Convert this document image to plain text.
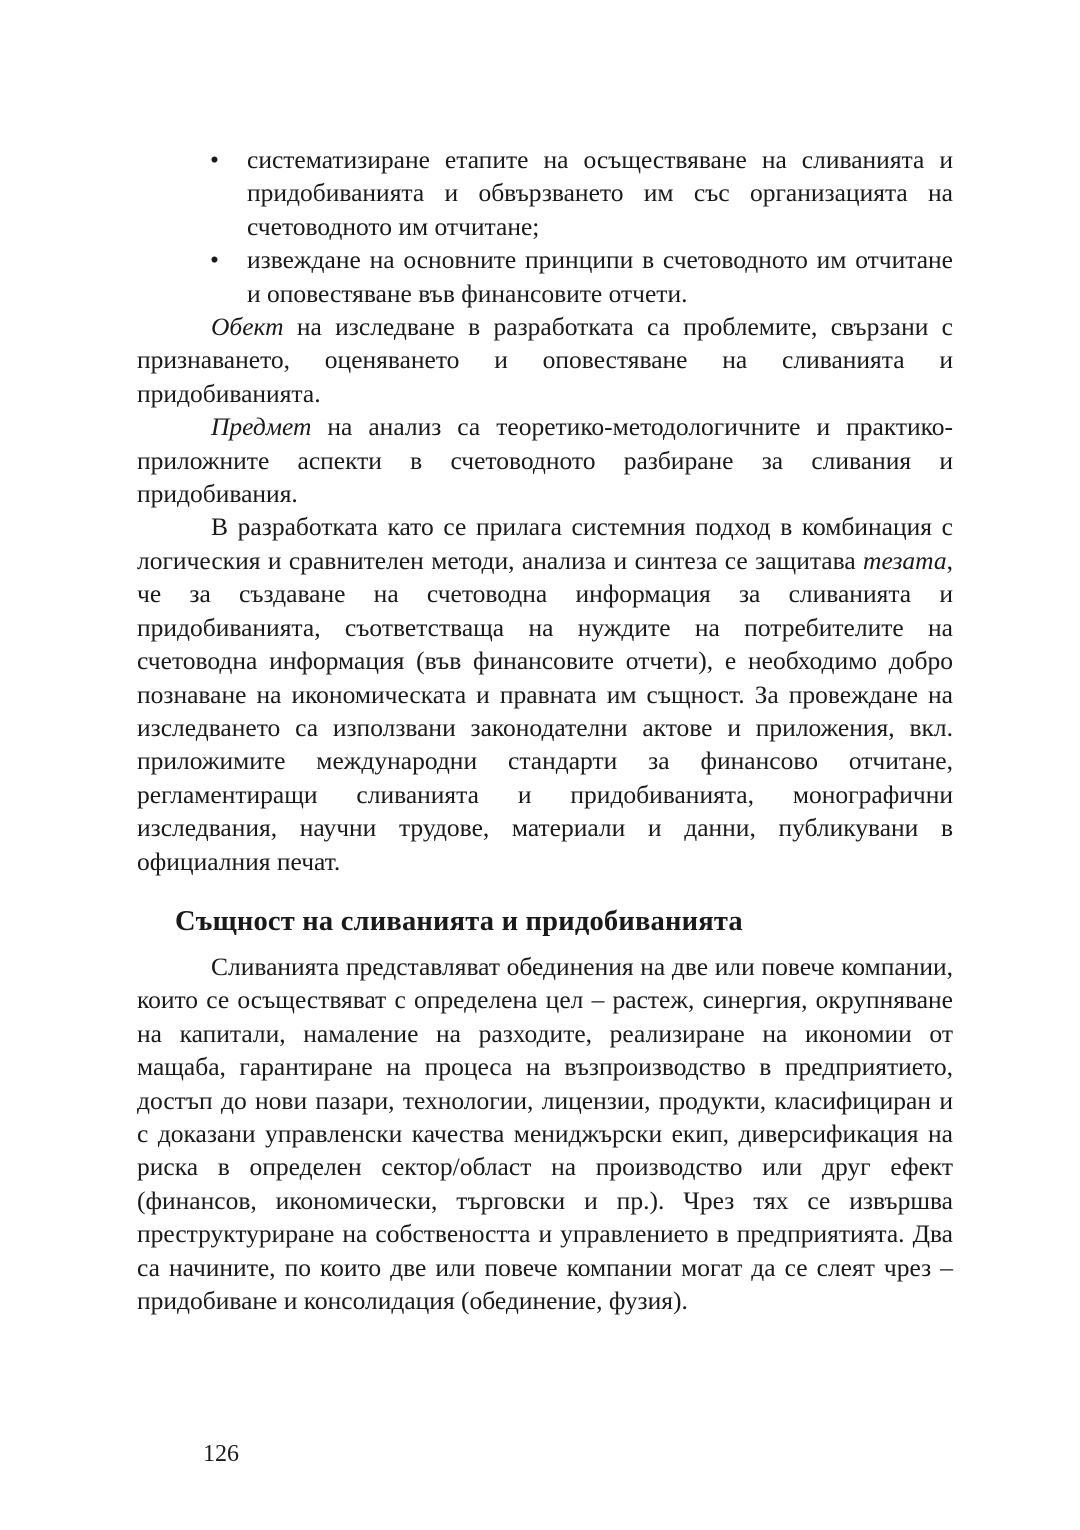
• систематизиране етапите на осъществяване на сливанията и придобиванията и обвързването им със организацията на счетоводното им отчитане;
• извеждане на основните принципи в счетоводното им отчитане и оповестяване във финансовите отчети.

Обект на изследване в разработката са проблемите, свързани с признаването, оценяването и оповестяване на сливанията и придобиванията.

Предмет на анализ са теоретико-методологичните и практико-приложните аспекти в счетоводното разбиране за сливания и придобивания.

В разработката като се прилага системния подход в комбинация с логическия и сравнителен методи, анализа и синтеза се защитава тезата, че за създаване на счетоводна информация за сливанията и придобиванията, съответстваща на нуждите на потребителите на счетоводна информация (във финансовите отчети), е необходимо добро познаване на икономическата и правната им същност. За провеждане на изследването са използвани законодателни актове и приложения, вкл. приложимите международни стандарти за финансово отчитане, регламентиращи сливанията и придобиванията, монографични изследвания, научни трудове, материали и данни, публикувани в официалния печат.

Същност на сливанията и придобиванията

Сливанията представляват обединения на две или повече компании, които се осъществяват с определена цел – растеж, синергия, окрупняване на капитали, намаление на разходите, реализиране на икономии от мащаба, гарантиране на процеса на възпроизводство в предприятието, достъп до нови пазари, технологии, лицензии, продукти, класифициран и с доказани управленски качества мениджърски екип, диверсификация на риска в определен сектор/област на производство или друг ефект (финансов, икономически, търговски и пр.). Чрез тях се извършва преструктуриране на собствеността и управлението в предприятията. Два са начините, по които две или повече компании могат да се слеят чрез – придобиване и консолидация (обединение, фузия).

126
